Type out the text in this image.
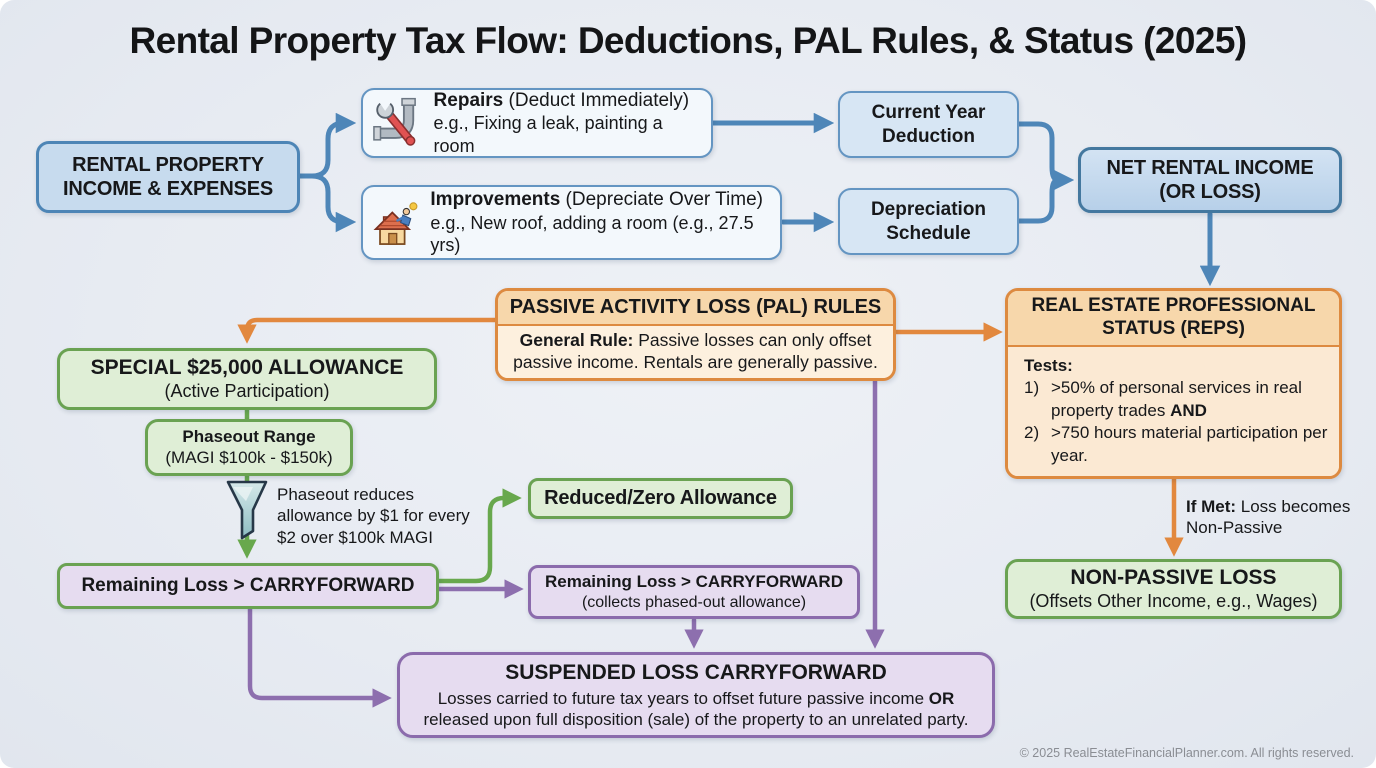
Rental Property Tax Flow: Deductions, PAL Rules, & Status (2025)
RENTAL PROPERTY
INCOME & EXPENSES
Repairs (Deduct Immediately)
e.g., Fixing a leak, painting a room
Improvements (Depreciate Over Time)
e.g., New roof, adding a room (e.g., 27.5 yrs)
Current Year
Deduction
Depreciation
Schedule
NET RENTAL INCOME
(OR LOSS)
PASSIVE ACTIVITY LOSS (PAL) RULES
General Rule: Passive losses can only offset passive income. Rentals are generally passive.
REAL ESTATE PROFESSIONAL STATUS (REPS)
Tests:
1) >50% of personal services in real property trades AND
2) >750 hours material participation per year.
SPECIAL $25,000 ALLOWANCE
(Active Participation)
Phaseout Range
(MAGI $100k - $150k)
Phaseout reduces allowance by $1 for every $2 over $100k MAGI
Remaining Loss > CARRYFORWARD
Reduced/Zero Allowance
Remaining Loss > CARRYFORWARD
(collects phased-out allowance)
SUSPENDED LOSS CARRYFORWARD
Losses carried to future tax years to offset future passive income OR released upon full disposition (sale) of the property to an unrelated party.
If Met: Loss becomes Non-Passive
NON-PASSIVE LOSS
(Offsets Other Income, e.g., Wages)
© 2025 RealEstateFinancialPlanner.com. All rights reserved.
